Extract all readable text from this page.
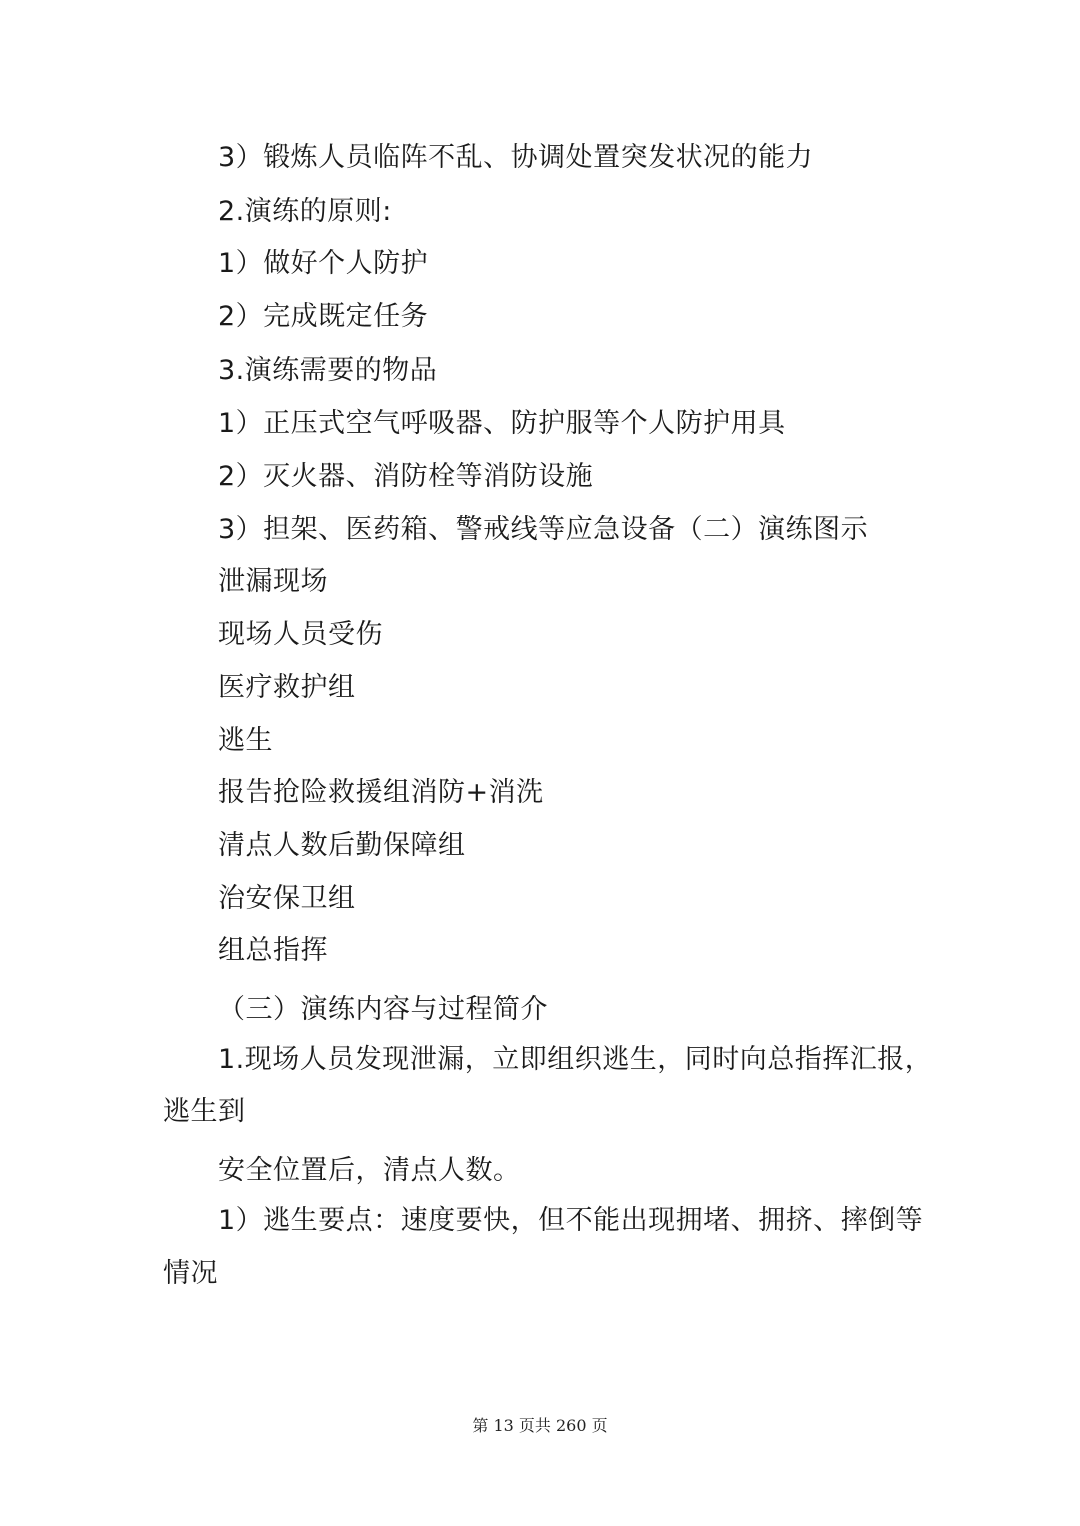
3）锻炼人员临阵不乱、协调处置突发状况的能力
2.演练的原则:
1）做好个人防护
2）完成既定任务
3.演练需要的物品
1）正压式空气呼吸器、防护服等个人防护用具
2）灭火器、消防栓等消防设施
3）担架、医药箱、警戒线等应急设备（二）演练图示
泄漏现场
现场人员受伤
医疗救护组
逃生
报告抢险救援组消防+消洗
清点人数后勤保障组
治安保卫组
组总指挥
（三）演练内容与过程简介
1.现场人员发现泄漏，立即组织逃生，同时向总指挥汇报，
逃生到
安全位置后，清点人数。
1）逃生要点：速度要快，但不能出现拥堵、拥挤、摔倒等
情况
第 13 页共 260 页
